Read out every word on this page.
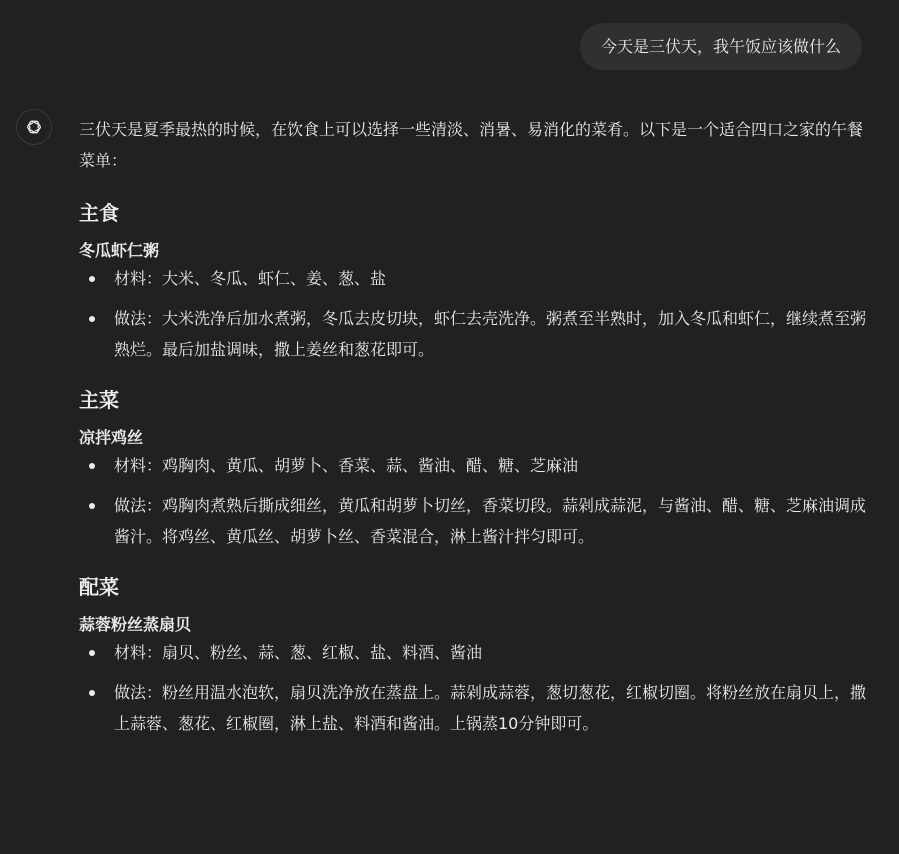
今天是三伏天，我午饭应该做什么

三伏天是夏季最热的时候，在饮食上可以选择一些清淡、消暑、易消化的菜肴。以下是一个适合四口之家的午餐菜单：

主食

冬瓜虾仁粥

材料：大米、冬瓜、虾仁、姜、葱、盐
做法：大米洗净后加水煮粥，冬瓜去皮切块，虾仁去壳洗净。粥煮至半熟时，加入冬瓜和虾仁，继续煮至粥熟烂。最后加盐调味，撒上姜丝和葱花即可。
主菜

凉拌鸡丝

材料：鸡胸肉、黄瓜、胡萝卜、香菜、蒜、酱油、醋、糖、芝麻油
做法：鸡胸肉煮熟后撕成细丝，黄瓜和胡萝卜切丝，香菜切段。蒜剁成蒜泥，与酱油、醋、糖、芝麻油调成酱汁。将鸡丝、黄瓜丝、胡萝卜丝、香菜混合，淋上酱汁拌匀即可。
配菜

蒜蓉粉丝蒸扇贝

材料：扇贝、粉丝、蒜、葱、红椒、盐、料酒、酱油
做法：粉丝用温水泡软，扇贝洗净放在蒸盘上。蒜剁成蒜蓉，葱切葱花，红椒切圈。将粉丝放在扇贝上，撒上蒜蓉、葱花、红椒圈，淋上盐、料酒和酱油。上锅蒸10分钟即可。
